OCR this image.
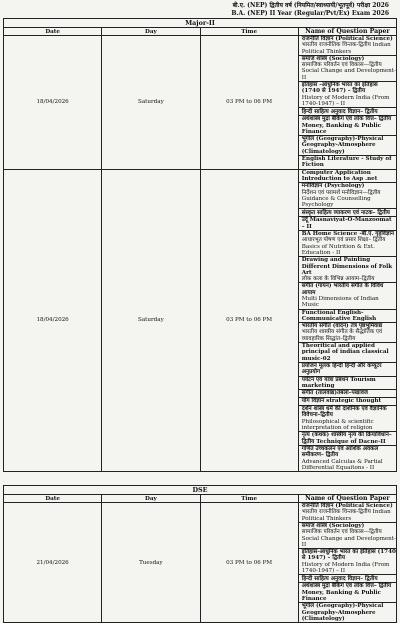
बी.ए. (NEP) द्वितीय वर्ष (नियमित/स्वाध्यायी/भूतपूर्व) परीक्षा 2026
B.A. (NEP) II Year (Regular/Pvt/Ex) Exam 2026
Major-II			
Date	Day	Time	Name of Question Paper
18/04/2026	Saturday	03 PM to 06 PM	राजनीति विज्ञान (Political Science)
भारतीय राजनीतिक चिन्तक-द्वितीय Indian Political Thinkers

			समाज शास्त्र (Sociology)
सामाजिक परिवर्तन एवं विकास—द्वितीय Social Change and Development-II

			इतिहास -आधुनिक भारत का इतिहास (1740 से 1947) – द्वितीय
History of Modern India (From 1740-1947) – II

			हिन्दी साहित्य अनुवाद विज्ञान– द्वितीय

			अर्थशास्त्र मुद्रा बैंकिंग एवं लोक वित्त– द्वितीय Money, Banking & Public Finance

			भूगोल (Geography)-Physical Geography-Atmosphere (Climatology)

			English Literature - Study of Fiction

18/04/2026	Saturday	03 PM to 06 PM	Computer Application Introduction to Asp .net

			मनोविज्ञान (Psychology)
निर्देशन एवं परामर्श मनोविज्ञान—द्वितीय Guidance & Counselling Psychology

			संस्कृत साहित्य व्याकरण एवं नाटक– द्वितीय

			उर्दू Masnaviyat-O-Manzoomat – II

			BA Home Science -बी.ए. गृहविज्ञान
आधारभूत पोषण एवं प्रसार शिक्षा– द्वितीय Basics of Nutrition & Ext. Education - II

			Drawing and Painting Different Dimensions of Folk Art
लोक कला के विभिन्न आयाम–द्वितीय

			संगीत (गायन) भारतीय संगीत के विविध आयाम
Multi Dimensions of Indian Music

			Functional English- Communicative English

			भारतीय संगीत (वादन) तंत्र पृष्ठभूमिवाद्य
भारतीय शास्त्रीय संगीत के सैद्धांतिक एवं व्यावहारिक सिद्धांत–द्वितीय

			Theoritical and applied principal of indian classical music-02

			प्रयोजन मूलक हिन्दी हिन्दी और कंप्यूटर अनुप्रयोग

			पर्यटन एवं यात्रा प्रबंधन Tourism marketing

			संगीत (तालवाद्य)तबला–पखावज

			योग विज्ञान strategic thought

			दर्शन शास्त्र धर्म की दार्शनिक एवं वैज्ञानिक विवेचना–द्वितीय
Philosophical & scientific interpretation of religion

			नृत्य (कथक) शास्त्रीय नृत्य की क्रियाविधान– द्वितीय Technique of Dacne-II

			गणित उच्चकलन एवं आंशिक अवकल समीकरण– द्वितीय
Advanced Calculas & Partial Differential Equaitons - II
DSE			
Date	Day	Time	Name of Question Paper
21/04/2026	Tuesday	03 PM to 06 PM	राजनीति विज्ञान (Political Science)
भारतीय राजनीतिक चिन्तक-द्वितीय Indian Political Thinkers

			समाज शास्त्र (Sociology)
सामाजिक परिवर्तन एवं विकास—द्वितीय Social Change and Development-II

			इतिहास-आधुनिक भारत का इतिहास (1740 से 1947) – द्वितीय
History of Modern India (From 1740-1947) – II

			हिन्दी साहित्य अनुवाद विज्ञान– द्वितीय

			अर्थशास्त्र मुद्रा बैंकिंग एवं लोक वित्त– द्वितीय Money, Banking & Public Finance

			भूगोल (Geography)-Physical Geography-Atmosphere (Climatology)
